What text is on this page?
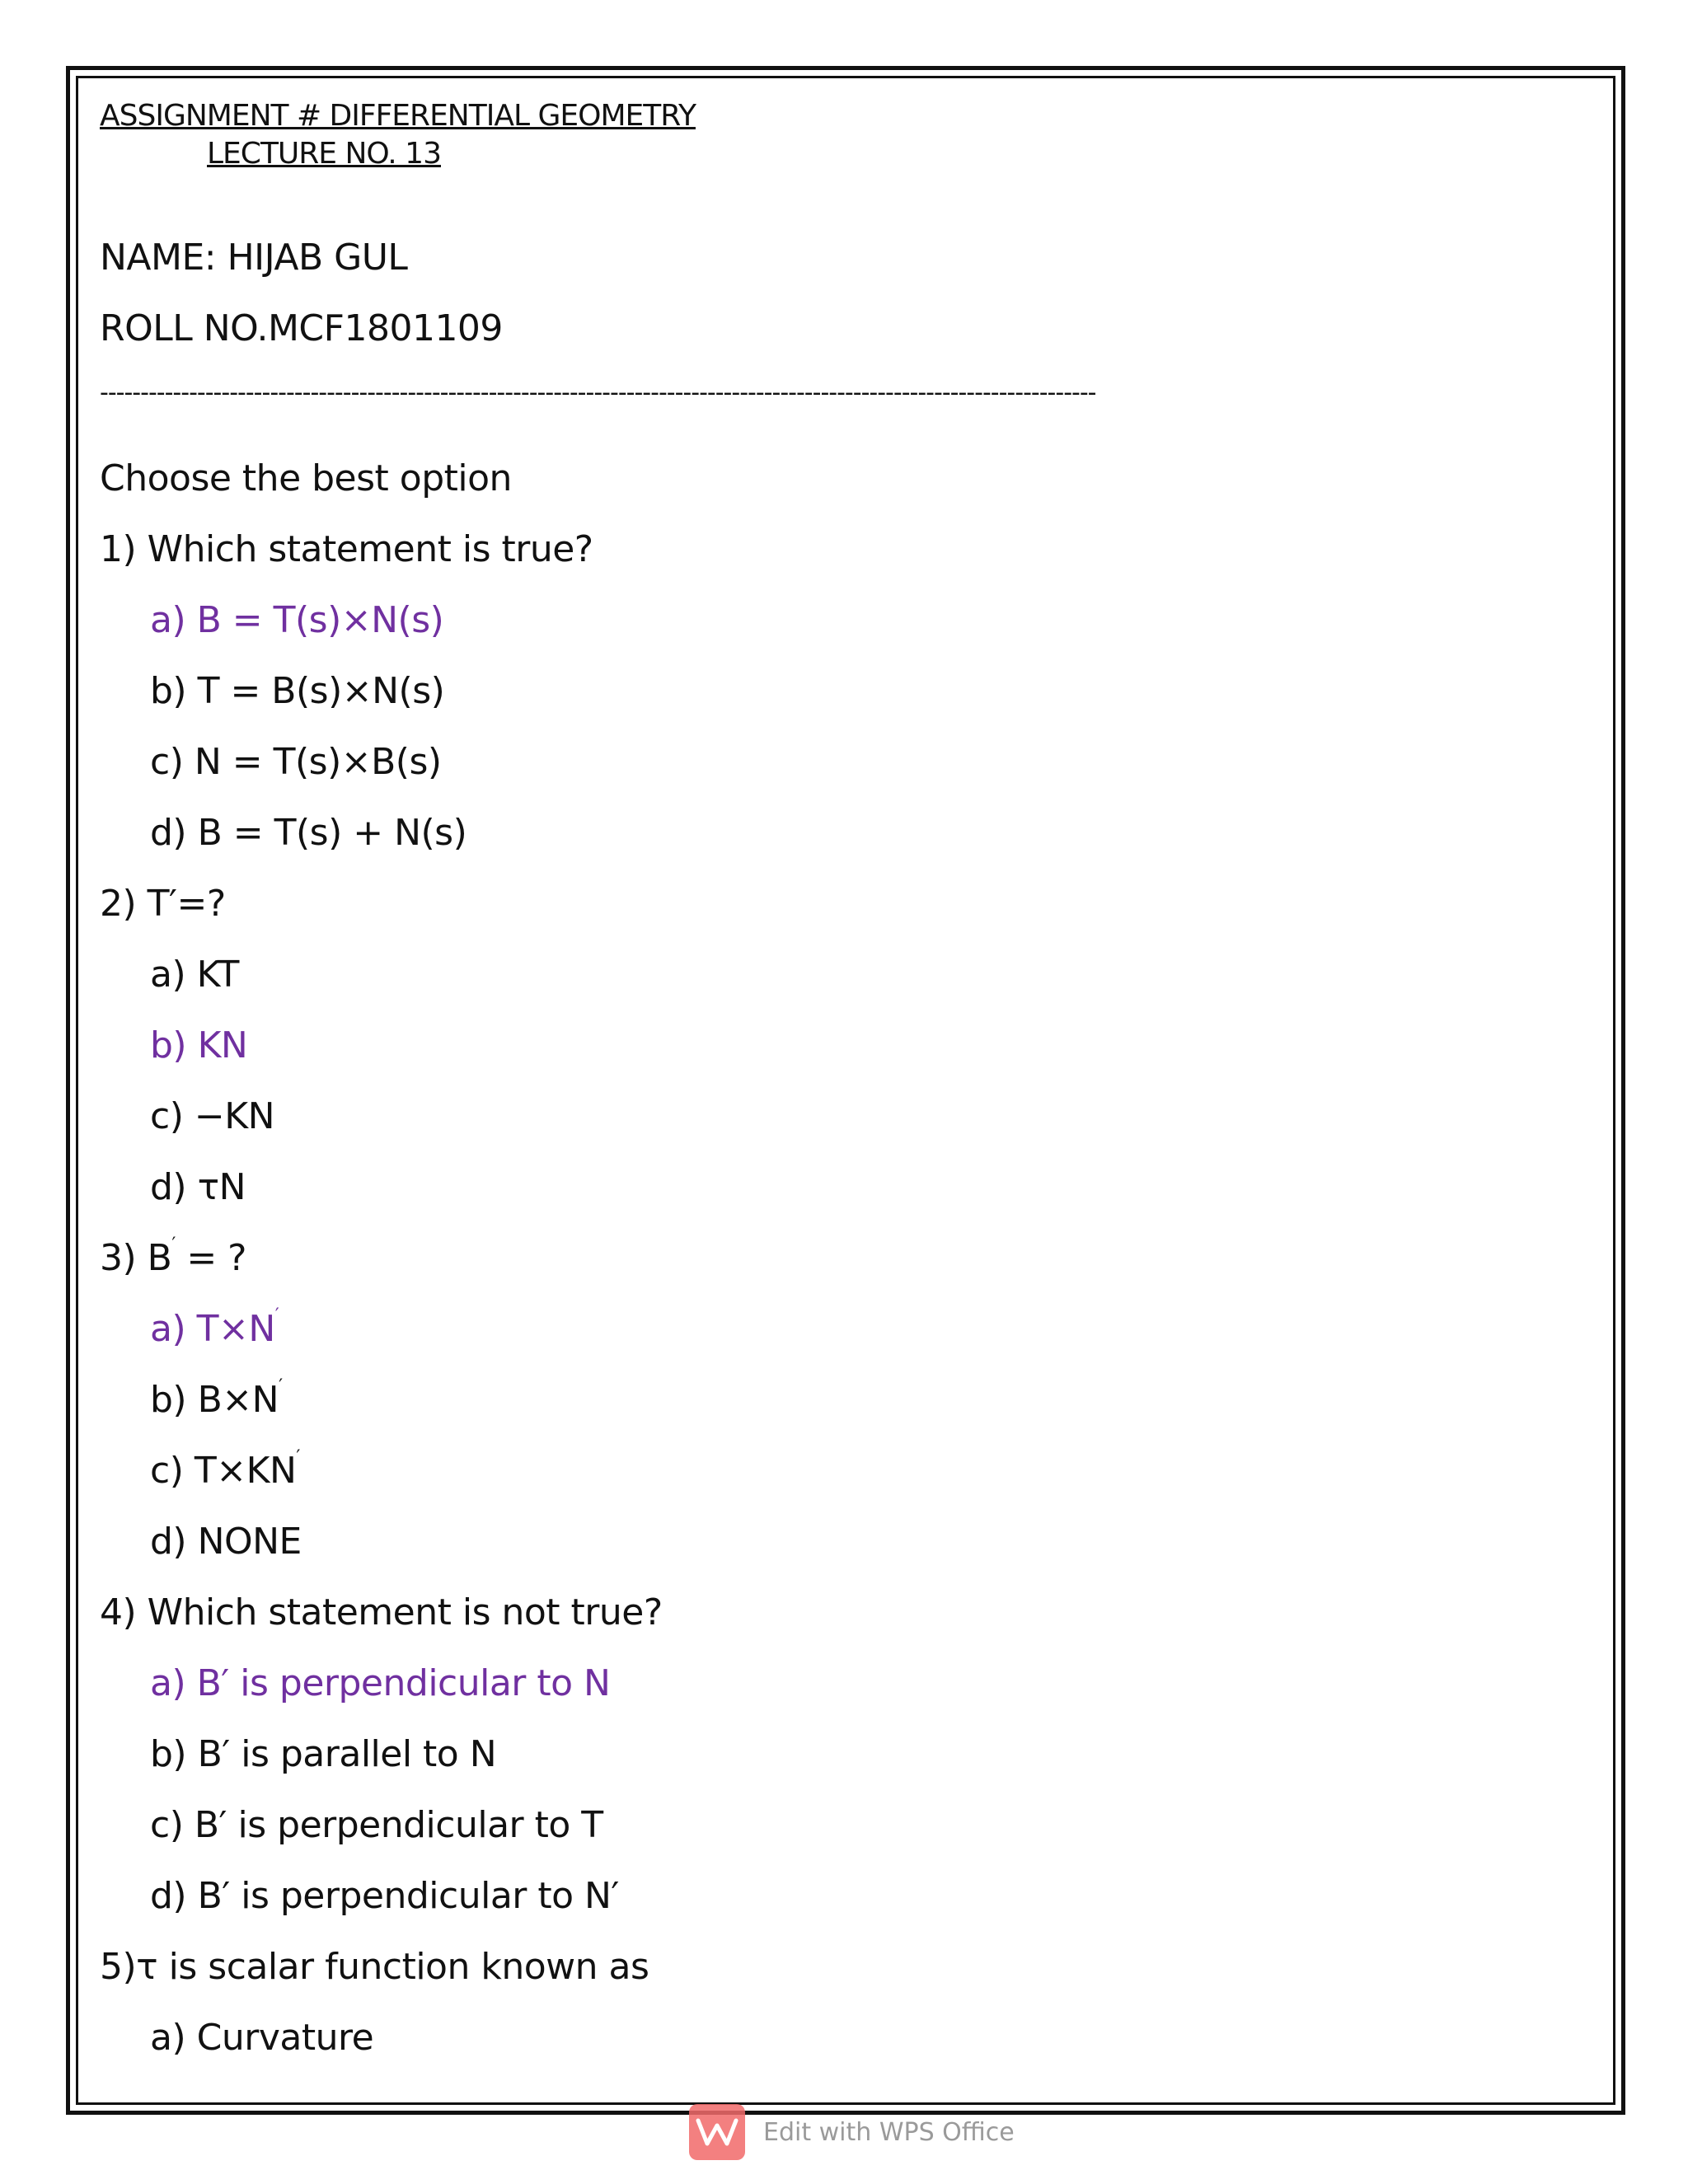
ASSIGNMENT # DIFFERENTIAL GEOMETRY

LECTURE NO. 13

NAME: HIJAB GUL

ROLL NO.MCF1801109

---------------------------------------------------------------------------------------------------------------------------

Choose the best option

1) Which statement is true?

a) B = T(s)×N(s)

b) T = B(s)×N(s)

c) N = T(s)×B(s)

d) B = T(s) + N(s)

2) T′=?

a) KT

b) KN

c) −KN

d) τN

3) B′ = ?

a) T×N′

b) B×N′

c) T×KN′

d) NONE

4) Which statement is not true?

a) B′ is perpendicular to N

b) B′ is parallel to N

c) B′ is perpendicular to T

d) B′ is perpendicular to N′

5)τ is scalar function known as

a) Curvature

Edit with WPS Office
